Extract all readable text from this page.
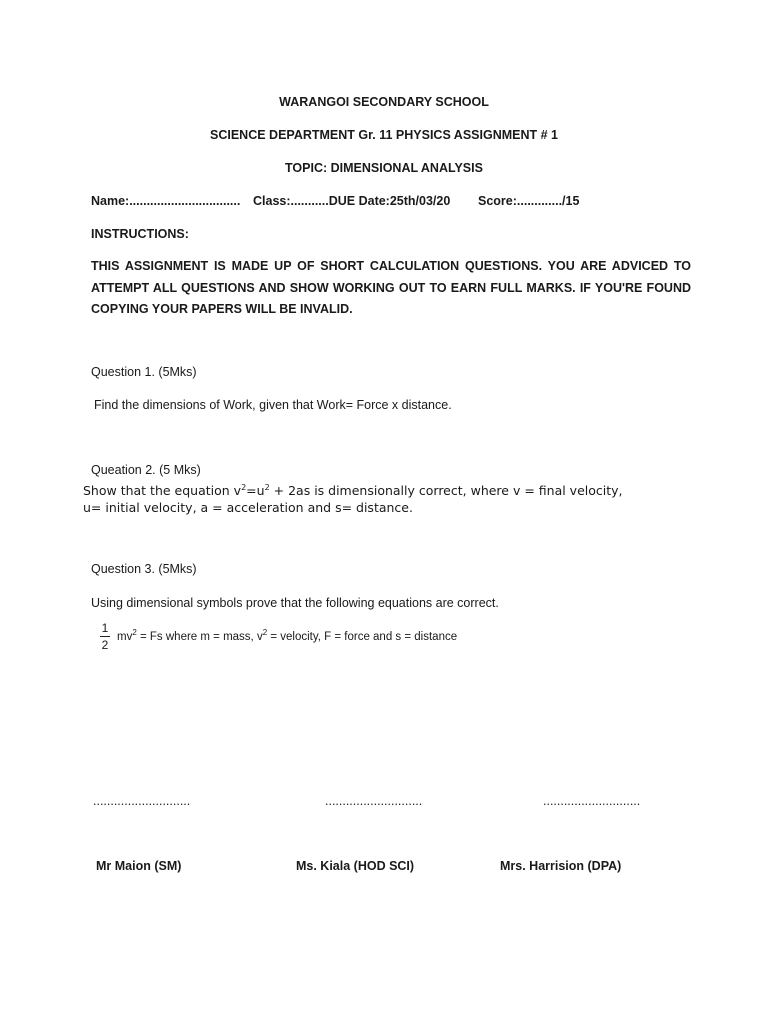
WARANGOI SECONDARY SCHOOL
SCIENCE DEPARTMENT Gr. 11 PHYSICS ASSIGNMENT # 1
TOPIC: DIMENSIONAL ANALYSIS
Name:................................ Class:...........DUE Date:25th/03/20 Score:............./15
INSTRUCTIONS:
THIS ASSIGNMENT IS MADE UP OF SHORT CALCULATION QUESTIONS. YOU ARE ADVICED TO ATTEMPT ALL QUESTIONS AND SHOW WORKING OUT TO EARN FULL MARKS. IF YOU'RE FOUND COPYING YOUR PAPERS WILL BE INVALID.
Question 1. (5Mks)
Find the dimensions of Work, given that Work= Force x distance.
Queation 2. (5 Mks)
Show that the equation $v^2=u^2 + 2as$ is dimensionally correct, where v = final velocity, u= initial velocity, a = acceleration and s= distance.
Question 3. (5Mks)
Using dimensional symbols prove that the following equations are correct.
1
2
$mv^2 = Fs$ where m = mass, $v^2$ = velocity, F = force and s = distance
............................	............................	............................
Mr Maion (SM)	Ms. Kiala (HOD SCI)	Mrs. Harrision (DPA)
